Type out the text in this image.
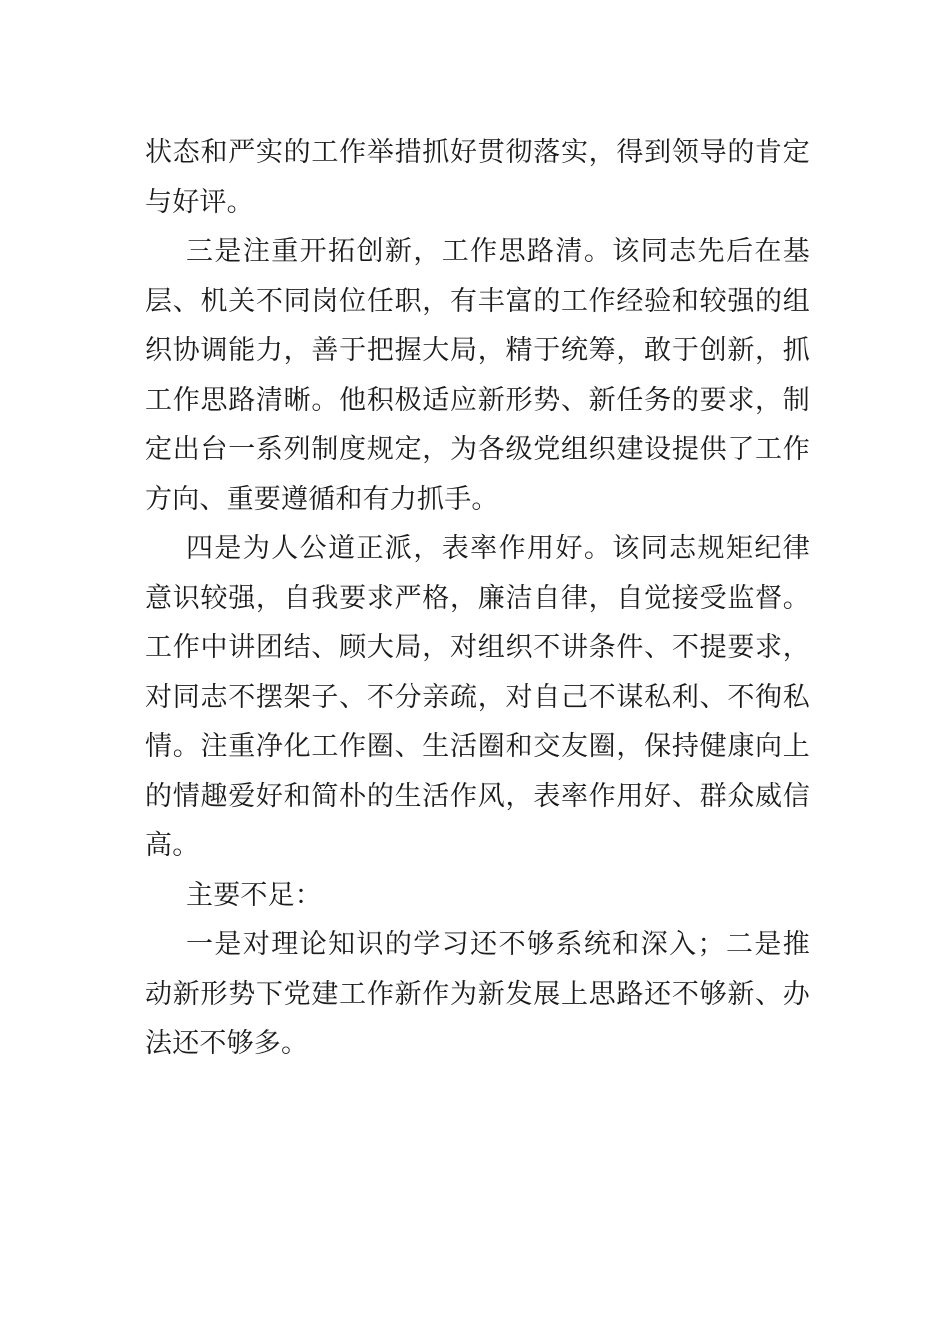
状态和严实的工作举措抓好贯彻落实，得到领导的肯定与好评。

三是注重开拓创新，工作思路清。该同志先后在基层、机关不同岗位任职，有丰富的工作经验和较强的组织协调能力，善于把握大局，精于统筹，敢于创新，抓工作思路清晰。他积极适应新形势、新任务的要求，制定出台一系列制度规定，为各级党组织建设提供了工作方向、重要遵循和有力抓手。

四是为人公道正派，表率作用好。该同志规矩纪律意识较强，自我要求严格，廉洁自律，自觉接受监督。工作中讲团结、顾大局，对组织不讲条件、不提要求，对同志不摆架子、不分亲疏，对自己不谋私利、不徇私情。注重净化工作圈、生活圈和交友圈，保持健康向上的情趣爱好和简朴的生活作风，表率作用好、群众威信高。

主要不足：

一是对理论知识的学习还不够系统和深入；二是推动新形势下党建工作新作为新发展上思路还不够新、办法还不够多。
